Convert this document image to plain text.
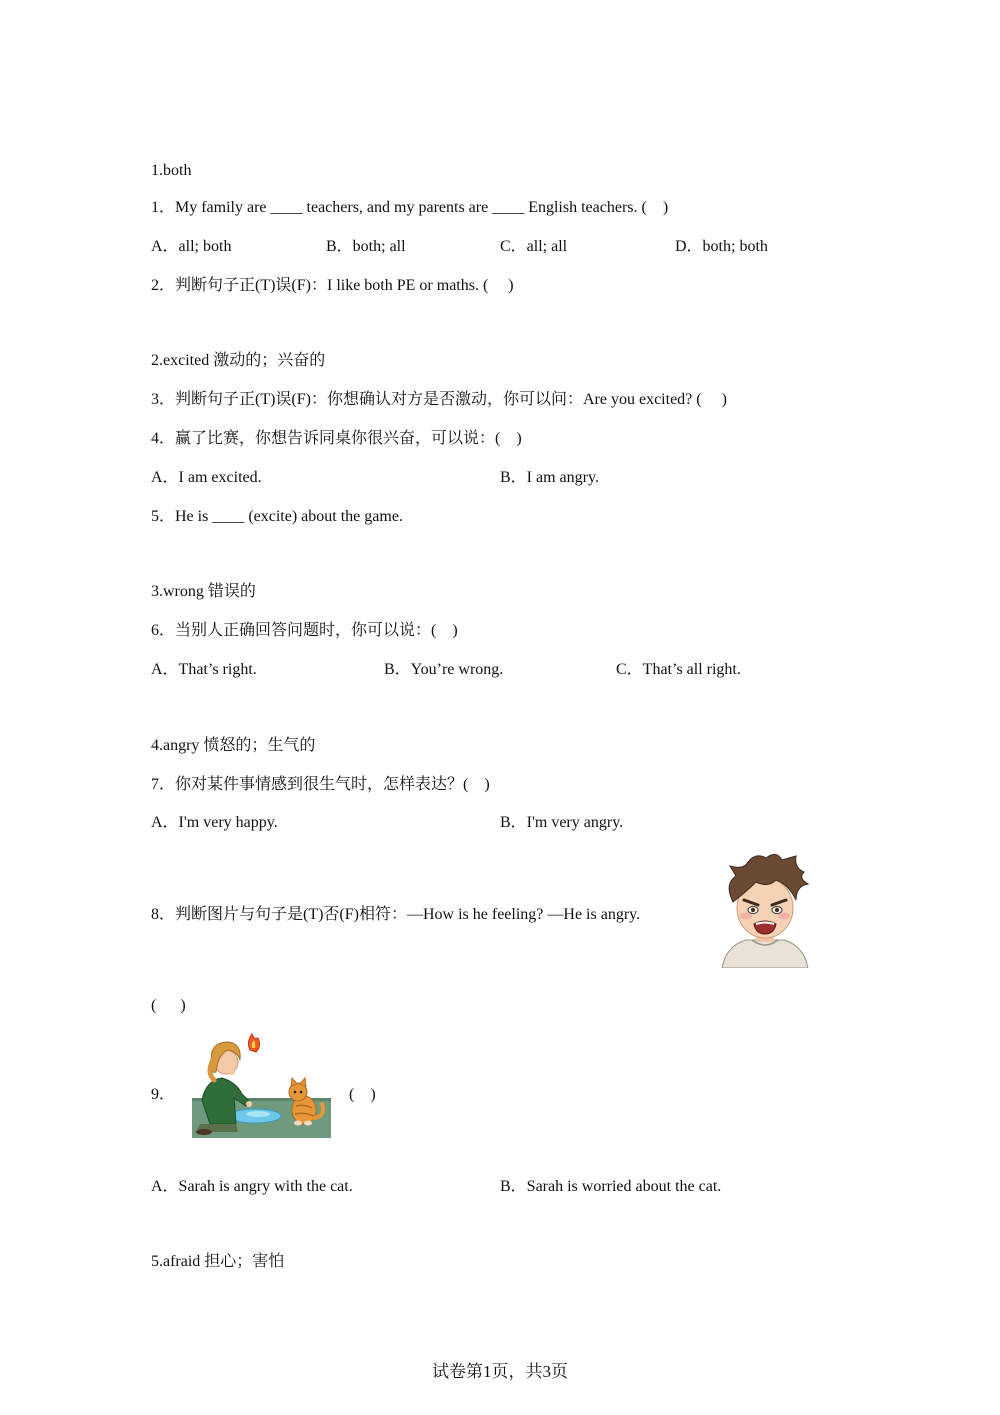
1.both
1．My family are ____ teachers, and my parents are ____ English teachers. (    )
A．all; both	B．both; all	C．all; all	D．both; both
2．判断句子正(T)误(F)：I like both PE or maths. (     )
2.excited 激动的；兴奋的
3．判断句子正(T)误(F)：你想确认对方是否激动，你可以问：Are you excited? (     )
4．赢了比赛，你想告诉同桌你很兴奋，可以说：(    )
A．I am excited.	B．I am angry.
5．He is ____ (excite) about the game.
3.wrong 错误的
6．当别人正确回答问题时，你可以说：(    )
A．That’s right.	B．You’re wrong.	C．That’s all right.
4.angry 愤怒的；生气的
7．你对某件事情感到很生气时，怎样表达？(    )
A．I'm very happy.	B．I'm very angry.
8．判断图片与句子是(T)否(F)相符：—How is he feeling? —He is angry.
(      )
9．	(    )
A．Sarah is angry with the cat.	B．Sarah is worried about the cat.
5.afraid 担心；害怕
试卷第1页，共3页
